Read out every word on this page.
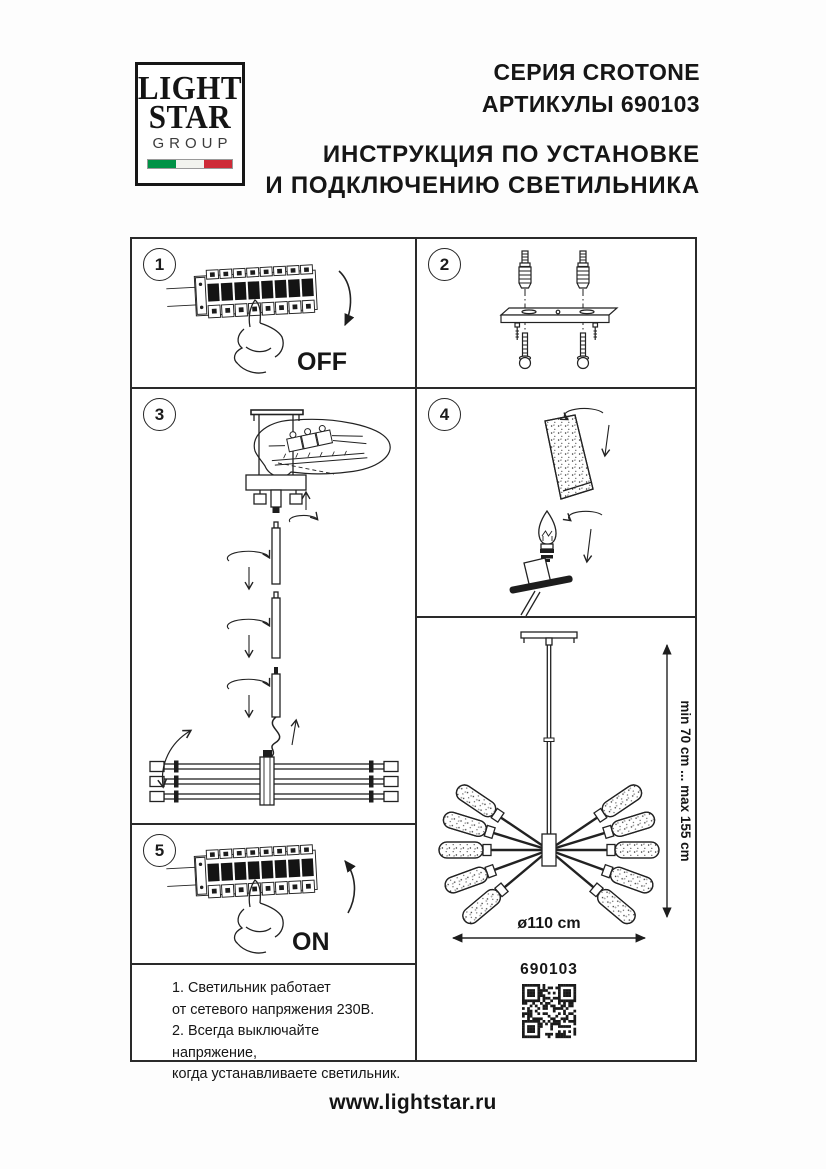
LIGHT
STAR
GROUP
СЕРИЯ CROTONE
АРТИКУЛЫ 690103
ИНСТРУКЦИЯ ПО УСТАНОВКЕ
И ПОДКЛЮЧЕНИЮ СВЕТИЛЬНИКА
1
OFF
2
3	4
5
ON
1. Светильник работает
от сетевого напряжения 230В.
2. Всегда выключайте напряжение,
когда устанавливаете светильник.
min 70 cm ... max 155 cm
ø110 cm
690103
www.lightstar.ru
